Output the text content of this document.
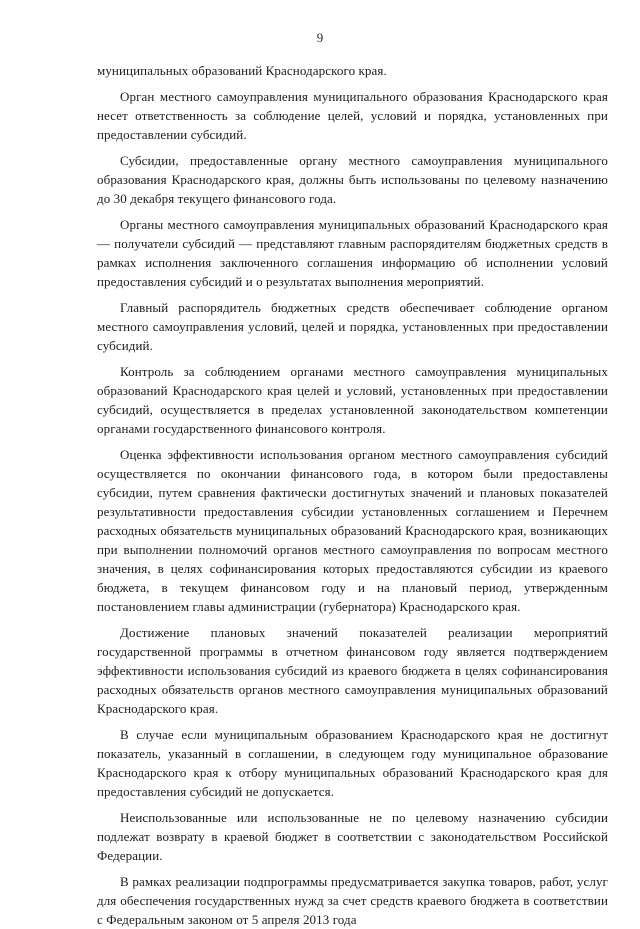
9

муниципальных образований Краснодарского края.

Орган местного самоуправления муниципального образования Краснодарского края несет ответственность за соблюдение целей, условий и порядка, установленных при предоставлении субсидий.

Субсидии, предоставленные органу местного самоуправления муниципального образования Краснодарского края, должны быть использованы по целевому назначению до 30 декабря текущего финансового года.

Органы местного самоуправления муниципальных образований Краснодарского края — получатели субсидий — представляют главным распорядителям бюджетных средств в рамках исполнения заключенного соглашения информацию об исполнении условий предоставления субсидий и о результатах выполнения мероприятий.

Главный распорядитель бюджетных средств обеспечивает соблюдение органом местного самоуправления условий, целей и порядка, установленных при предоставлении субсидий.

Контроль за соблюдением органами местного самоуправления муниципальных образований Краснодарского края целей и условий, установленных при предоставлении субсидий, осуществляется в пределах установленной законодательством компетенции органами государственного финансового контроля.

Оценка эффективности использования органом местного самоуправления субсидий осуществляется по окончании финансового года, в котором были предоставлены субсидии, путем сравнения фактически достигнутых значений и плановых показателей результативности предоставления субсидии установленных соглашением и Перечнем расходных обязательств муниципальных образований Краснодарского края, возникающих при выполнении полномочий органов местного самоуправления по вопросам местного значения, в целях софинансирования которых предоставляются субсидии из краевого бюджета, в текущем финансовом году и на плановый период, утвержденным постановлением главы администрации (губернатора) Краснодарского края.

Достижение плановых значений показателей реализации мероприятий государственной программы в отчетном финансовом году является подтверждением эффективности использования субсидий из краевого бюджета в целях софинансирования расходных обязательств органов местного самоуправления муниципальных образований Краснодарского края.

В случае если муниципальным образованием Краснодарского края не достигнут показатель, указанный в соглашении, в следующем году муниципальное образование Краснодарского края к отбору муниципальных образований Краснодарского края для предоставления субсидий не допускается.

Неиспользованные или использованные не по целевому назначению субсидии подлежат возврату в краевой бюджет в соответствии с законодательством Российской Федерации.

В рамках реализации подпрограммы предусматривается закупка товаров, работ, услуг для обеспечения государственных нужд за счет средств краевого бюджета в соответствии с Федеральным законом от 5 апреля 2013 года
